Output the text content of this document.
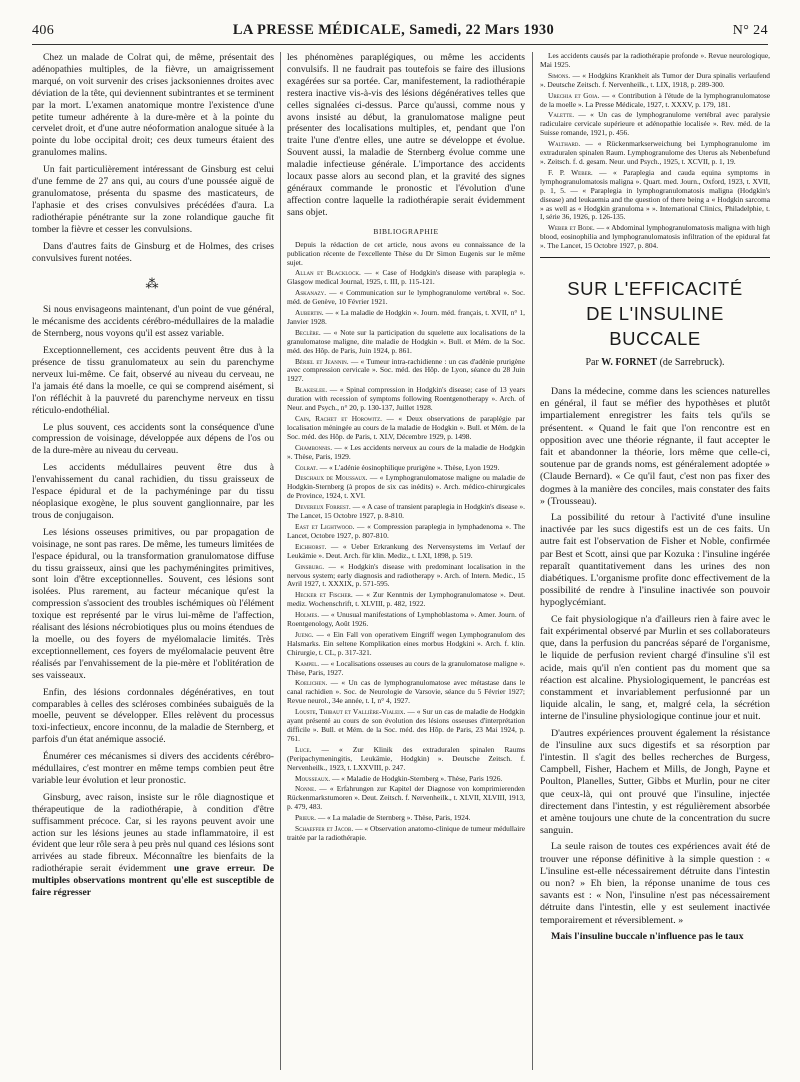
406	LA PRESSE MÉDICALE, Samedi, 22 Mars 1930	N° 24

Chez un malade de Colrat qui, de même, présentait des adénopathies multiples, de la fièvre, un amaigrissement marqué, on voit survenir des crises jacksoniennes droites avec déviation de la tête, qui deviennent subintrantes et se terminent par la mort. L'examen anatomique montre l'existence d'une petite tumeur adhérente à la dure-mère et à la pointe du cervelet droit, et d'une autre néoformation analogue située à la pointe du lobe occipital droit; ces deux tumeurs étaient des granulomes malins.

Un fait particulièrement intéressant de Ginsburg est celui d'une femme de 27 ans qui, au cours d'une poussée aiguë de granulomatose, présenta du spasme des masticateurs, de l'aphasie et des crises convulsives précédées d'aura. La radiothérapie pénétrante sur la zone rolandique gauche fit tomber la fièvre et cesser les convulsions.

Dans d'autres faits de Ginsburg et de Holmes, des crises convulsives furent notées.

⁂

Si nous envisageons maintenant, d'un point de vue général, le mécanisme des accidents cérébro-médullaires de la maladie de Sternberg, nous voyons qu'il est assez variable.

Exceptionnellement, ces accidents peuvent être dus à la présence de tissu granulomateux au sein du parenchyme nerveux lui-même. Ce fait, observé au niveau du cerveau, ne l'a jamais été dans la moelle, ce qui se comprend aisément, si l'on réfléchit à la pauvreté du parenchyme nerveux en tissu réticulo-endothélial.

Le plus souvent, ces accidents sont la conséquence d'une compression de voisinage, développée aux dépens de l'os ou de la dure-mère au niveau du cerveau.

Les accidents médullaires peuvent être dus à l'envahissement du canal rachidien, du tissu graisseux de l'espace épidural et de la pachyméninge par du tissu néoplasique exogène, le plus souvent ganglionnaire, par les trous de conjugaison.

Les lésions osseuses primitives, ou par propagation de voisinage, ne sont pas rares. De même, les tumeurs limitées de l'espace épidural, ou la transformation granulomatose diffuse du tissu graisseux, ainsi que les pachyméningites primitives, sont loin d'être exceptionnelles. Souvent, ces lésions sont isolées. Plus rarement, au facteur mécanique qu'est la compression s'associent des troubles ischémiques où l'élément toxique est représenté par le virus lui-même de l'affection, réalisant des lésions nécrobiotiques plus ou moins étendues de la moelle, ou des foyers de myélomalacie limités. Très exceptionnellement, ces foyers de myélomalacie peuvent être réalisés par l'envahissement de la pie-mère et l'oblitération de ses vaisseaux.

Enfin, des lésions cordonnales dégénératives, en tout comparables à celles des scléroses combinées subaiguës de la moelle, peuvent se développer. Elles relèvent du processus toxi-infectieux, encore inconnu, de la maladie de Sternberg, et parfois d'un état anémique associé.

Énumérer ces mécanismes si divers des accidents cérébro-médullaires, c'est montrer en même temps combien peut être variable leur évolution et leur pronostic.

Ginsburg, avec raison, insiste sur le rôle diagnostique et thérapeutique de la radiothérapie, à condition d'être suffisamment précoce. Car, si les rayons peuvent avoir une action sur les lésions jeunes au stade inflammatoire, il est évident que leur rôle sera à peu près nul quand ces lésions sont arrivées au stade fibreux. Méconnaître les bienfaits de la radiothérapie serait évidemment une grave erreur. De multiples observations montrent qu'elle est susceptible de faire régresser

les phénomènes paraplégiques, ou même les accidents convulsifs. Il ne faudrait pas toutefois se faire des illusions exagérées sur sa portée. Car, manifestement, la radiothérapie restera inactive vis-à-vis des lésions dégénératives telles que celles signalées ci-dessus. Parce qu'aussi, comme nous y avons insisté au début, la granulomatose maligne peut présenter des localisations multiples, et, pendant que l'on traite l'une d'entre elles, une autre se développe et évolue. Souvent aussi, la maladie de Sternberg évolue comme une maladie infectieuse générale. L'importance des accidents locaux passe alors au second plan, et la gravité des signes généraux commande le pronostic et l'évolution d'une affection contre laquelle la radiothérapie serait évidemment sans objet.

BIBLIOGRAPHIE

Depuis la rédaction de cet article, nous avons eu connaissance de la publication récente de l'excellente Thèse du Dr Simon Eugenis sur le même sujet.

Allan et Blacklock. — « Case of Hodgkin's disease with paraplegia ». Glasgow medical Journal, 1925, t. III, p. 115-121.

Askanazy. — « Communication sur le lymphogranulome vertébral ». Soc. méd. de Genève, 10 Février 1921.

Aubertin. — « La maladie de Hodgkin ». Journ. méd. français, t. XVII, n° 1, Janvier 1928.

Beclère. — « Note sur la participation du squelette aux localisations de la granulomatose maligne, dite maladie de Hodgkin ». Bull. et Mém. de la Soc. méd. des Hôp. de Paris, Juin 1924, p. 861.

Bériel et Jeannin. — « Tumeur intra-rachidienne : un cas d'adénie prurigène avec compression cervicale ». Soc. méd. des Hôp. de Lyon, séance du 28 Juin 1927.

Blakeslee. — « Spinal compression in Hodgkin's disease; case of 13 years duration with recession of symptoms following Roentgenotherapy ». Arch. of Neur. and Psych., n° 20, p. 130-137, Juillet 1928.

Cain, Rachet et Horowitz. — « Deux observations de paraplégie par localisation méningée au cours de la maladie de Hodgkin ». Bull. et Mém. de la Soc. méd. des Hôp. de Paris, t. XLV, Décembre 1929, p. 1498.

Chambonnis. — « Les accidents nerveux au cours de la maladie de Hodgkin ». Thèse, Paris, 1929.

Colrat. — « L'adénie éosinophilique prurigène ». Thèse, Lyon 1929.

Deschaux de Moussaux. — « Lymphogranulomatose maligne ou maladie de Hodgkin-Sternberg (à propos de six cas inédits) ». Arch. médico-chirurgicales de Province, 1924, t. XVI.

Devereux Forrest. — « A case of transient paraplegia in Hodgkin's disease ». The Lancet, 15 Octobre 1927, p. 8-810.

East et Lightwood. — « Compression paraplegia in lymphadenoma ». The Lancet, Octobre 1927, p. 807-810.

Eichhorst. — « Ueber Erkrankung des Nervensystems im Verlauf der Leukämie ». Deut. Arch. für klin. Mediz., t. LXI, 1898, p. 519.

Ginsburg. — « Hodgkin's disease with predominant localisation in the nervous system; early diagnosis and radiotherapy ». Arch. of Intern. Medic., 15 Avril 1927, t. XXXIX, p. 571-595.

Hecker et Fischer. — « Zur Kenntnis der Lymphogranulomatose ». Deut. mediz. Wochenschrift, t. XLVIII, p. 482, 1922.

Holmes. — « Unusual manifestations of Lymphoblastoma ». Amer. Journ. of Roentgenology, Août 1926.

Jueng. — « Ein Fall von operativem Eingriff wegen Lymphogranulom des Halsmarks. Ein seltene Komplikation eines morbus Hodgkini ». Arch. f. klin. Chirurgie, t. CL, p. 317-321.

Kampel. — « Localisations osseuses au cours de la granulomatose maligne ». Thèse, Paris, 1927.

Koelichen. — « Un cas de lymphogranulomatose avec métastase dans le canal rachidien ». Soc. de Neurologie de Varsovie, séance du 5 Février 1927; Revue neurol., 34e année, t. I, n° 4, 1927.

Louste, Thibaut et Vallière-Vialeix. — « Sur un cas de maladie de Hodgkin ayant présenté au cours de son évolution des lésions osseuses d'interprétation difficile ». Bull. et Mém. de la Soc. méd. des Hôp. de Paris, 23 Mai 1924, p. 761.

Luce. — « Zur Klinik des extraduralen spinalen Raums (Peripachymeningitis, Leukämie, Hodgkin) ». Deutsche Zeitsch. f. Nervenheilk., 1923, t. LXXVIII, p. 247.

Mousseaux. — « Maladie de Hodgkin-Sternberg ». Thèse, Paris 1926.

Nonne. — « Erfahrungen zur Kapitel der Diagnose von komprimierenden Rückenmarkstumoren ». Deut. Zeitsch. f. Nervenheilk., t. XLVII, XLVIII, 1913, p. 479, 483.

Prieur. — « La maladie de Sternberg ». Thèse, Paris, 1924.

Schaeffer et Jacob. — « Observation anatomo-clinique de tumeur médullaire traitée par la radiothérapie.

Les accidents causés par la radiothérapie profonde ». Revue neurologique, Mai 1925.

Simons. — « Hodgkins Krankheit als Tumor der Dura spinalis verlaufend ». Deutsche Zeitsch. f. Nervenheilk., t. LIX, 1918, p. 289-300.

Urechia et Goia. — « Contribution à l'étude de la lymphogranulomatose de la moelle ». La Presse Médicale, 1927, t. XXXV, p. 179, 181.

Valette. — « Un cas de lymphogranulome vertébral avec paralysie radiculaire cervicale supérieure et adénopathie localisée ». Rev. méd. de la Suisse romande, 1921, p. 456.

Walthard. — « Rückenmarkserweichung bei Lymphogranulome im extraduralen spinalen Raum. Lymphogranulome des Uterus als Nebenbefund ». Zeitsch. f. d. gesam. Neur. und Psych., 1925, t. XCVII, p. 1, 19.

F. P. Weber. — « Paraplegia and cauda equina symptoms in lymphogranulomatosis maligna ». Quart. med. Journ., Oxford, 1923, t. XVII, p. 1, 5. — « Paraplegia in lymphogranulomatosis maligna (Hodgkin's disease) and leukaemia and the question of there being a « Hodgkin sarcoma » as well as « Hodgkin granuloma » ». International Clinics, Philadelphie, t. I, série 36, 1926, p. 126-135.

Weber et Bode. — « Abdominal lymphogranulomatosis maligna with high blood, eosinophilia and lymphogranulomatosis infiltration of the epidural fat ». The Lancet, 15 Octobre 1927, p. 804.

SUR L'EFFICACITÉ
DE L'INSULINE BUCCALE
Par W. FORNET (de Sarrebruck).

Dans la médecine, comme dans les sciences naturelles en général, il faut se méfier des hypothèses et plutôt impartialement enregistrer les faits tels qu'ils se présentent. « Quand le fait que l'on rencontre est en opposition avec une théorie régnante, il faut accepter le fait et abandonner la théorie, lors même que celle-ci, soutenue par de grands noms, est généralement adoptée » (Claude Bernard). « Ce qu'il faut, c'est non pas fixer des dogmes à la manière des conciles, mais constater des faits » (Trousseau).

La possibilité du retour à l'activité d'une insuline inactivée par les sucs digestifs est un de ces faits. Un autre fait est l'observation de Fisher et Noble, confirmée par Best et Scott, ainsi que par Kozuka : l'insuline ingérée reparaît quantitativement dans les urines des non diabétiques. L'organisme profite donc effectivement de la possibilité de rendre à l'insuline inactivée son pouvoir hypoglycémiant.

Ce fait physiologique n'a d'ailleurs rien à faire avec le fait expérimental observé par Murlin et ses collaborateurs que, dans la perfusion du pancréas séparé de l'organisme, le liquide de perfusion revient chargé d'insuline s'il est acide, mais qu'il n'en contient pas du moment que sa réaction est alcaline. Physiologiquement, le pancréas est constamment et invariablement perfusionné par un liquide alcalin, le sang, et, malgré cela, la sécrétion interne de l'insuline physiologique continue jour et nuit.

D'autres expériences prouvent également la résistance de l'insuline aux sucs digestifs et sa résorption par l'intestin. Il s'agit des belles recherches de Burgess, Campbell, Fisher, Hachem et Mills, de Jongh, Payne et Poulton, Planelles, Sutter, Gibbs et Murlin, pour ne citer que ceux-là, qui ont prouvé que l'insuline, injectée directement dans l'intestin, y est régulièrement absorbée et amène toujours une chute de la concentration du sucre sanguin.

La seule raison de toutes ces expériences avait été de trouver une réponse définitive à la simple question : « L'insuline est-elle nécessairement détruite dans l'intestin ou non? » Eh bien, la réponse unanime de tous ces savants est : « Non, l'insuline n'est pas nécessairement détruite dans l'intestin, elle y est seulement inactivée temporairement et réversiblement. »

Mais l'insuline buccale n'influence pas le taux
